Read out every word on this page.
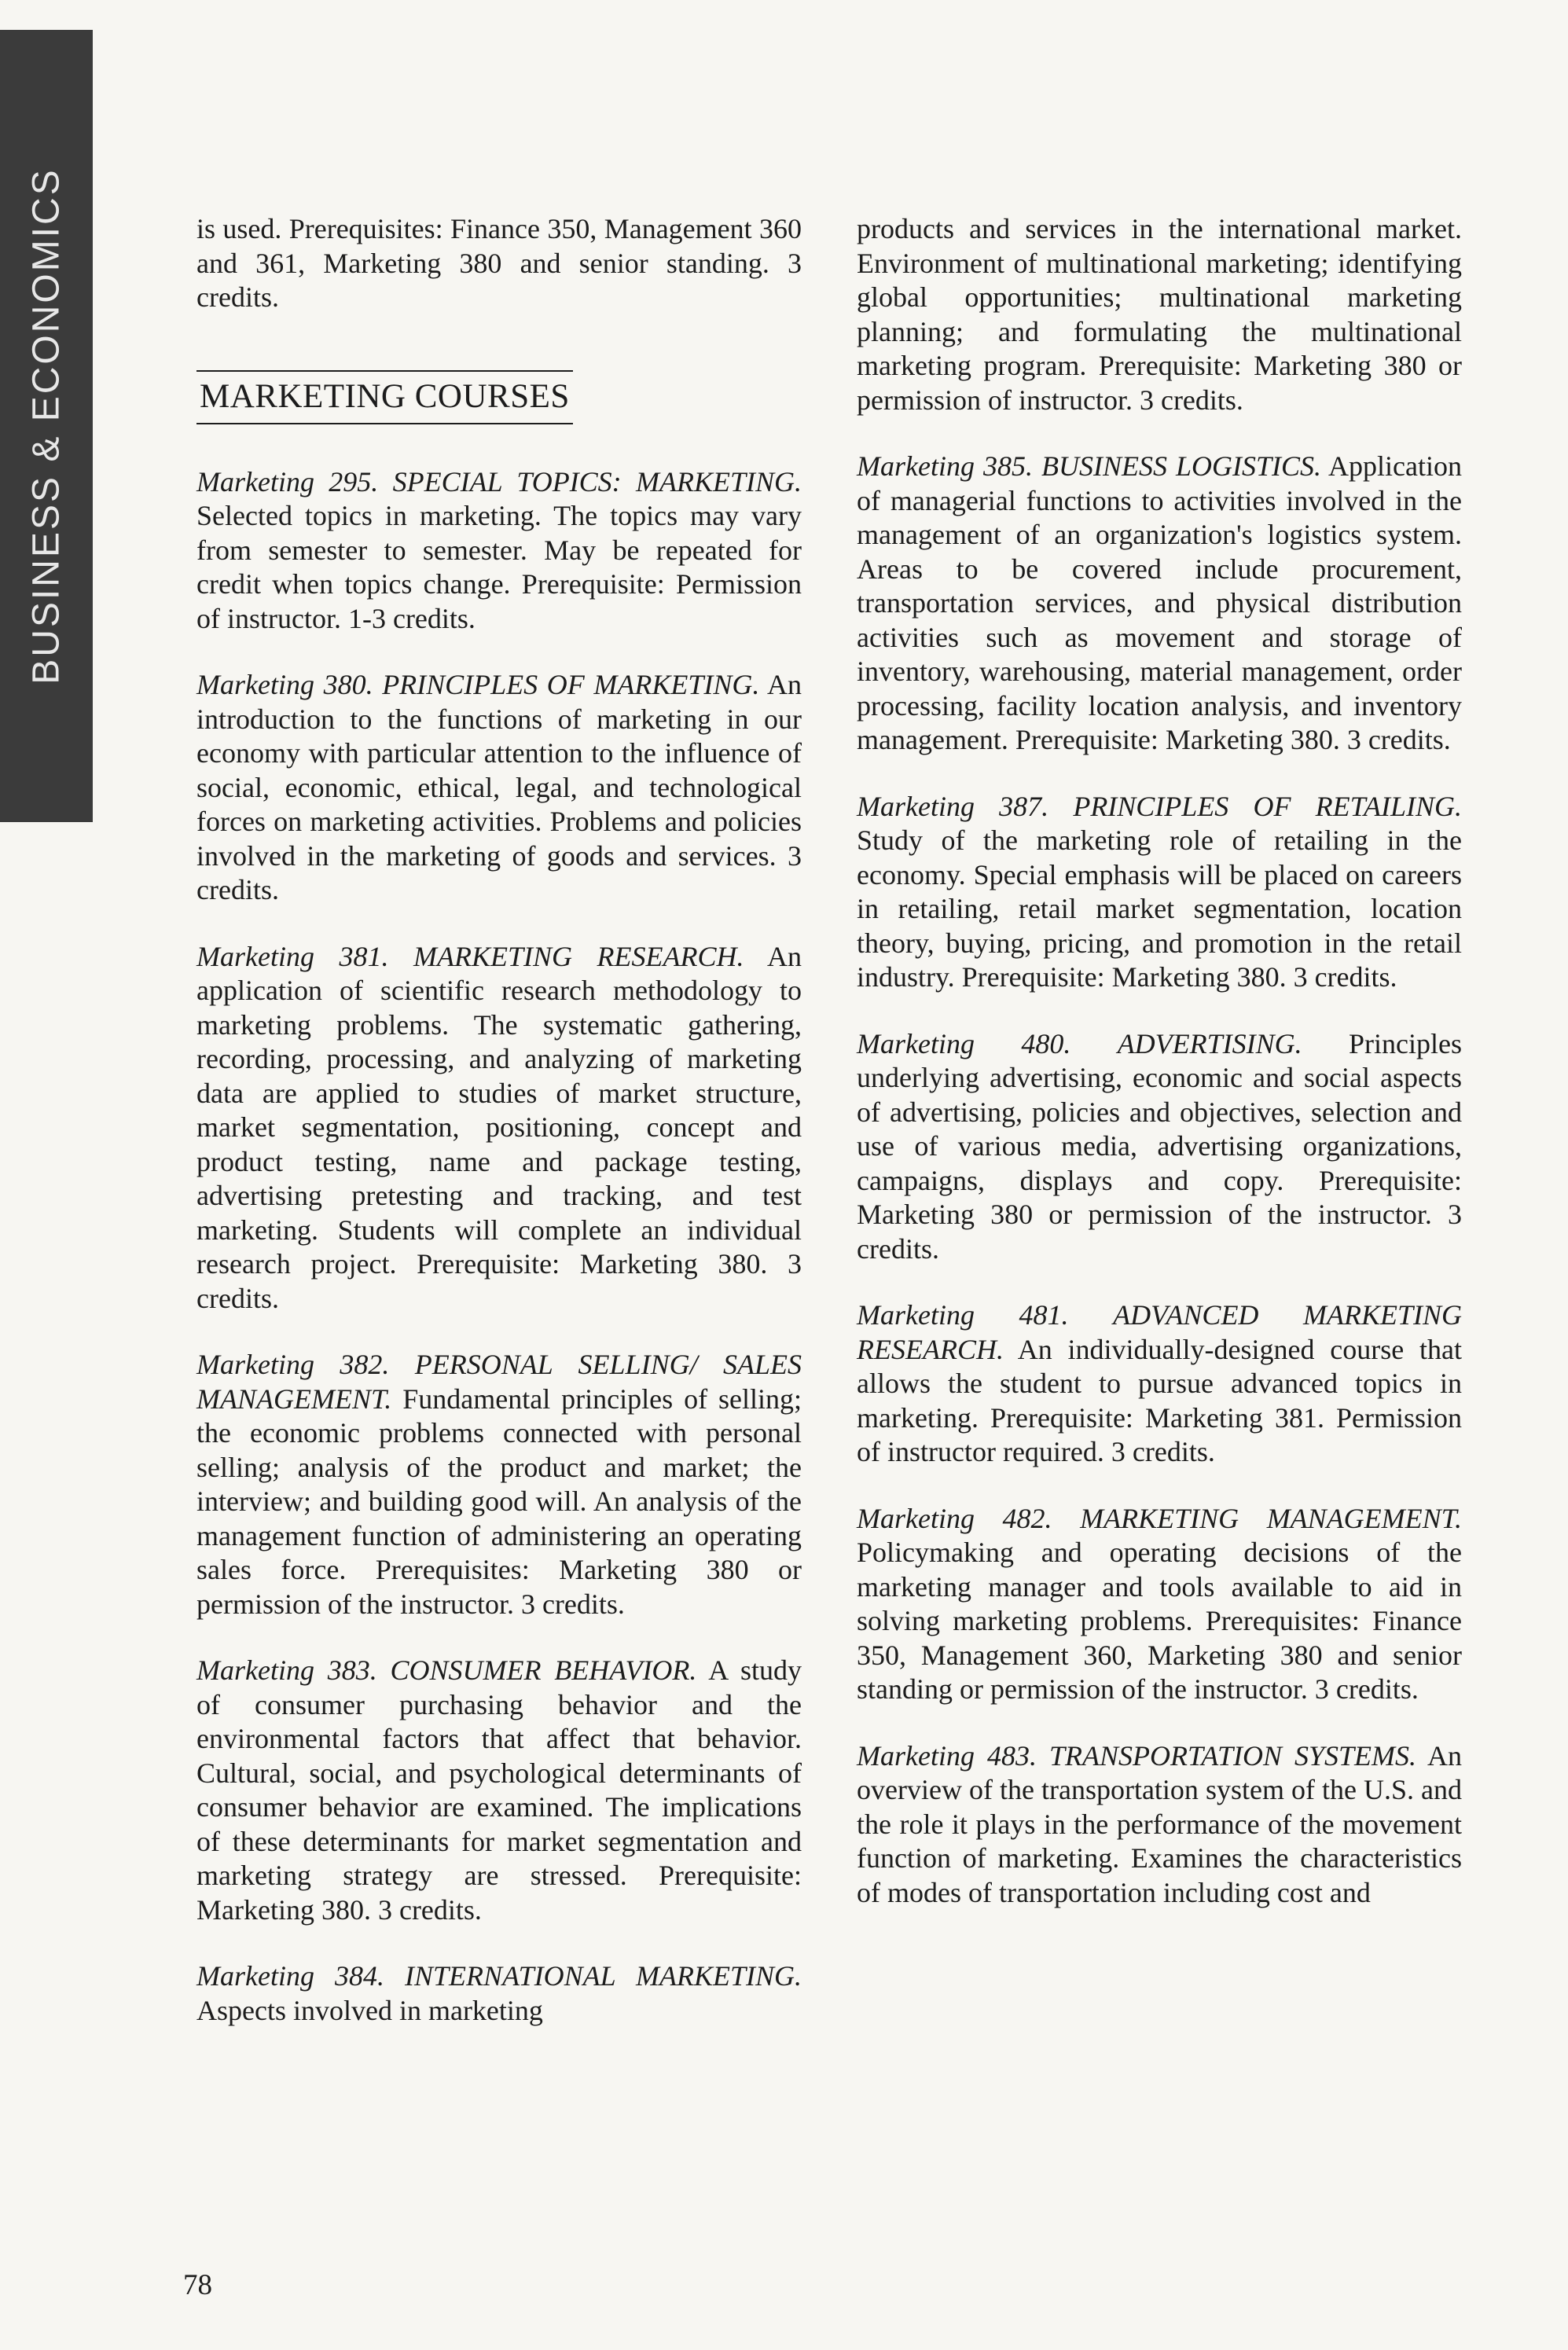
BUSINESS & ECONOMICS	is used. Prerequisites: Finance 350, Management 360 and 361, Marketing 380 and senior standing. 3 credits.

MARKETING COURSES

Marketing 295. SPECIAL TOPICS: MARKETING. Selected topics in marketing. The topics may vary from semester to semester. May be repeated for credit when topics change. Prerequisite: Permission of instructor. 1-3 credits.

Marketing 380. PRINCIPLES OF MARKETING. An introduction to the functions of marketing in our economy with particular attention to the influence of social, economic, ethical, legal, and technological forces on marketing activities. Problems and policies involved in the marketing of goods and services. 3 credits.

Marketing 381. MARKETING RESEARCH. An application of scientific research methodology to marketing problems. The systematic gathering, recording, processing, and analyzing of marketing data are applied to studies of market structure, market segmentation, positioning, concept and product testing, name and package testing, advertising pretesting and tracking, and test marketing. Students will complete an individual research project. Prerequisite: Marketing 380. 3 credits.

Marketing 382. PERSONAL SELLING/ SALES MANAGEMENT. Fundamental principles of selling; the economic problems connected with personal selling; analysis of the product and market; the interview; and building good will. An analysis of the management function of administering an operating sales force. Prerequisites: Marketing 380 or permission of the instructor. 3 credits.

Marketing 383. CONSUMER BEHAVIOR. A study of consumer purchasing behavior and the environmental factors that affect that behavior. Cultural, social, and psychological determinants of consumer behavior are examined. The implications of these determinants for market segmentation and marketing strategy are stressed. Prerequisite: Marketing 380. 3 credits.

Marketing 384. INTERNATIONAL MARKETING. Aspects involved in marketing

products and services in the international market. Environment of multinational marketing; identifying global opportunities; multinational marketing planning; and formulating the multinational marketing program. Prerequisite: Marketing 380 or permission of instructor. 3 credits.

Marketing 385. BUSINESS LOGISTICS. Application of managerial functions to activities involved in the management of an organization's logistics system. Areas to be covered include procurement, transportation services, and physical distribution activities such as movement and storage of inventory, warehousing, material management, order processing, facility location analysis, and inventory management. Prerequisite: Marketing 380. 3 credits.

Marketing 387. PRINCIPLES OF RETAILING. Study of the marketing role of retailing in the economy. Special emphasis will be placed on careers in retailing, retail market segmentation, location theory, buying, pricing, and promotion in the retail industry. Prerequisite: Marketing 380. 3 credits.

Marketing 480. ADVERTISING. Principles underlying advertising, economic and social aspects of advertising, policies and objectives, selection and use of various media, advertising organizations, campaigns, displays and copy. Prerequisite: Marketing 380 or permission of the instructor. 3 credits.

Marketing 481. ADVANCED MARKETING RESEARCH. An individually-designed course that allows the student to pursue advanced topics in marketing. Prerequisite: Marketing 381. Permission of instructor required. 3 credits.

Marketing 482. MARKETING MANAGEMENT. Policymaking and operating decisions of the marketing manager and tools available to aid in solving marketing problems. Prerequisites: Finance 350, Management 360, Marketing 380 and senior standing or permission of the instructor. 3 credits.

Marketing 483. TRANSPORTATION SYSTEMS. An overview of the transportation system of the U.S. and the role it plays in the performance of the movement function of marketing. Examines the characteristics of modes of transportation including cost and

78
